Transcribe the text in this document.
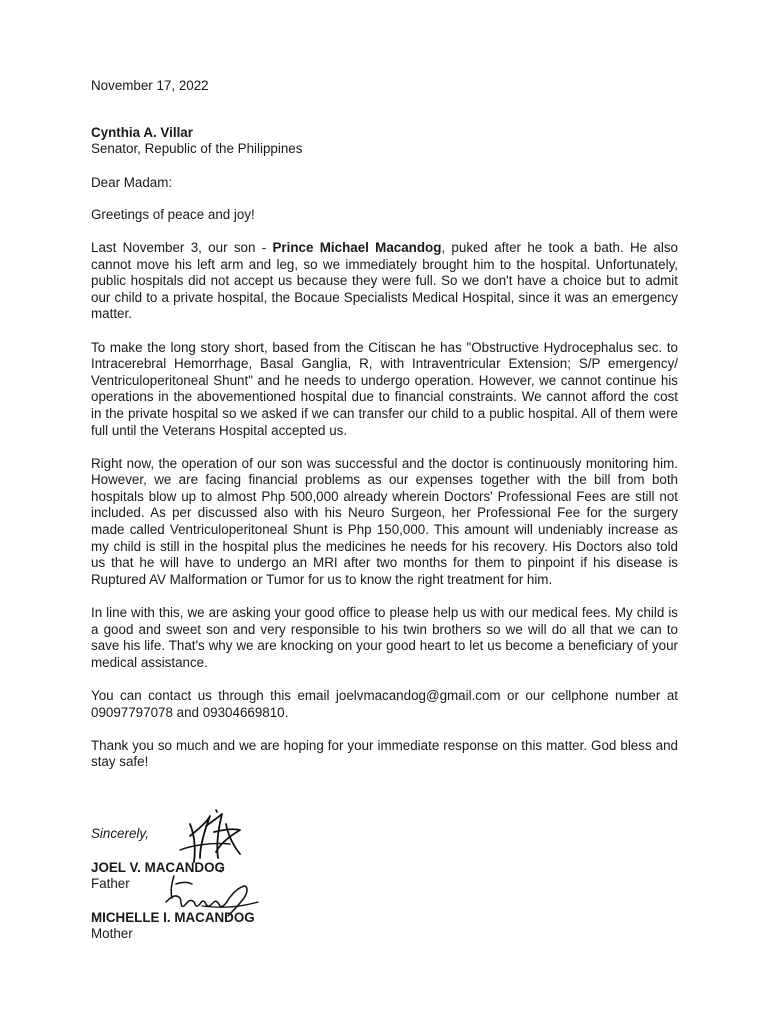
November 17, 2022
Cynthia A. Villar
Senator, Republic of the Philippines
Dear Madam:
Greetings of peace and joy!

Last November 3, our son - Prince Michael Macandog, puked after he took a bath. He also cannot move his left arm and leg, so we immediately brought him to the hospital. Unfortunately, public hospitals did not accept us because they were full. So we don't have a choice but to admit our child to a private hospital, the Bocaue Specialists Medical Hospital, since it was an emergency matter.

To make the long story short, based from the Citiscan he has "Obstructive Hydrocephalus sec. to Intracerebral Hemorrhage, Basal Ganglia, R, with Intraventricular Extension; S/P emergency/ Ventriculoperitoneal Shunt" and he needs to undergo operation. However, we cannot continue his operations in the abovementioned hospital due to financial constraints. We cannot afford the cost in the private hospital so we asked if we can transfer our child to a public hospital. All of them were full until the Veterans Hospital accepted us.

Right now, the operation of our son was successful and the doctor is continuously monitoring him. However, we are facing financial problems as our expenses together with the bill from both hospitals blow up to almost Php 500,000 already wherein Doctors' Professional Fees are still not included. As per discussed also with his Neuro Surgeon, her Professional Fee for the surgery made called Ventriculoperitoneal Shunt is Php 150,000. This amount will undeniably increase as my child is still in the hospital plus the medicines he needs for his recovery. His Doctors also told us that he will have to undergo an MRI after two months for them to pinpoint if his disease is Ruptured AV Malformation or Tumor for us to know the right treatment for him.

In line with this, we are asking your good office to please help us with our medical fees. My child is a good and sweet son and very responsible to his twin brothers so we will do all that we can to save his life. That's why we are knocking on your good heart to let us become a beneficiary of your medical assistance.

You can contact us through this email joelvmacandog@gmail.com or our cellphone number at 09097797078 and 09304669810.

Thank you so much and we are hoping for your immediate response on this matter. God bless and stay safe!

Sincerely,
JOEL V. MACANDOG
Father
MICHELLE I. MACANDOG
Mother
